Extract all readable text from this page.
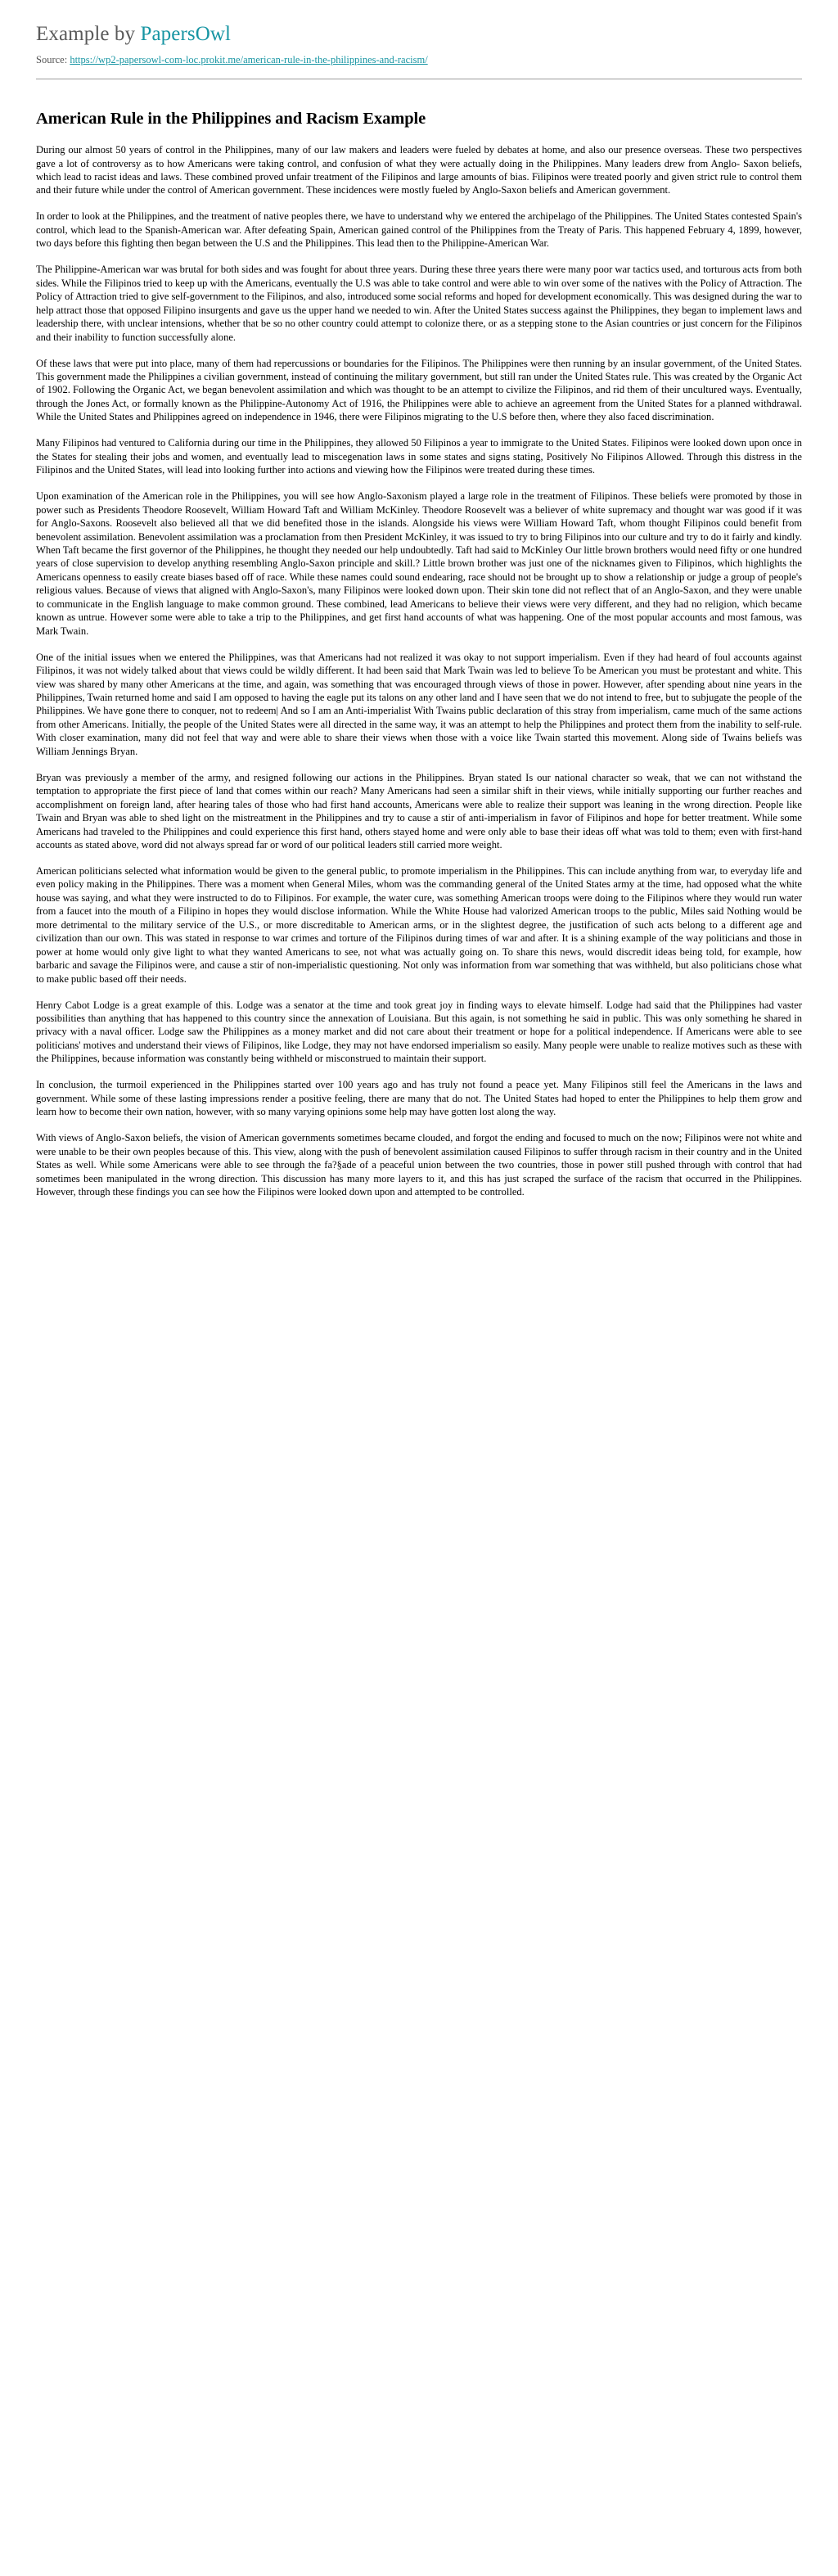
Example by PapersOwl
Source: https://wp2-papersowl-com-loc.prokit.me/american-rule-in-the-philippines-and-racism/
American Rule in the Philippines and Racism Example

During our almost 50 years of control in the Philippines, many of our law makers and leaders were fueled by debates at home, and also our presence overseas. These two perspectives gave a lot of controversy as to how Americans were taking control, and confusion of what they were actually doing in the Philippines. Many leaders drew from Anglo- Saxon beliefs, which lead to racist ideas and laws. These combined proved unfair treatment of the Filipinos and large amounts of bias. Filipinos were treated poorly and given strict rule to control them and their future while under the control of American government. These incidences were mostly fueled by Anglo-Saxon beliefs and American government.

In order to look at the Philippines, and the treatment of native peoples there, we have to understand why we entered the archipelago of the Philippines. The United States contested Spain's control, which lead to the Spanish-American war. After defeating Spain, American gained control of the Philippines from the Treaty of Paris. This happened February 4, 1899, however, two days before this fighting then began between the U.S and the Philippines. This lead then to the Philippine-American War.

The Philippine-American war was brutal for both sides and was fought for about three years. During these three years there were many poor war tactics used, and torturous acts from both sides. While the Filipinos tried to keep up with the Americans, eventually the U.S was able to take control and were able to win over some of the natives with the Policy of Attraction. The Policy of Attraction tried to give self-government to the Filipinos, and also, introduced some social reforms and hoped for development economically. This was designed during the war to help attract those that opposed Filipino insurgents and gave us the upper hand we needed to win. After the United States success against the Philippines, they began to implement laws and leadership there, with unclear intensions, whether that be so no other country could attempt to colonize there, or as a stepping stone to the Asian countries or just concern for the Filipinos and their inability to function successfully alone.

Of these laws that were put into place, many of them had repercussions or boundaries for the Filipinos. The Philippines were then running by an insular government, of the United States. This government made the Philippines a civilian government, instead of continuing the military government, but still ran under the United States rule. This was created by the Organic Act of 1902. Following the Organic Act, we began benevolent assimilation and which was thought to be an attempt to civilize the Filipinos, and rid them of their uncultured ways. Eventually, through the Jones Act, or formally known as the Philippine-Autonomy Act of 1916, the Philippines were able to achieve an agreement from the United States for a planned withdrawal. While the United States and Philippines agreed on independence in 1946, there were Filipinos migrating to the U.S before then, where they also faced discrimination.

Many Filipinos had ventured to California during our time in the Philippines, they allowed 50 Filipinos a year to immigrate to the United States. Filipinos were looked down upon once in the States for stealing their jobs and women, and eventually lead to miscegenation laws in some states and signs stating, Positively No Filipinos Allowed. Through this distress in the Filipinos and the United States, will lead into looking further into actions and viewing how the Filipinos were treated during these times.

Upon examination of the American role in the Philippines, you will see how Anglo-Saxonism played a large role in the treatment of Filipinos. These beliefs were promoted by those in power such as Presidents Theodore Roosevelt, William Howard Taft and William McKinley. Theodore Roosevelt was a believer of white supremacy and thought war was good if it was for Anglo-Saxons. Roosevelt also believed all that we did benefited those in the islands. Alongside his views were William Howard Taft, whom thought Filipinos could benefit from benevolent assimilation. Benevolent assimilation was a proclamation from then President McKinley, it was issued to try to bring Filipinos into our culture and try to do it fairly and kindly. When Taft became the first governor of the Philippines, he thought they needed our help undoubtedly. Taft had said to McKinley Our little brown brothers would need fifty or one hundred years of close supervision to develop anything resembling Anglo-Saxon principle and skill.? Little brown brother was just one of the nicknames given to Filipinos, which highlights the Americans openness to easily create biases based off of race. While these names could sound endearing, race should not be brought up to show a relationship or judge a group of people's religious values. Because of views that aligned with Anglo-Saxon's, many Filipinos were looked down upon. Their skin tone did not reflect that of an Anglo-Saxon, and they were unable to communicate in the English language to make common ground. These combined, lead Americans to believe their views were very different, and they had no religion, which became known as untrue. However some were able to take a trip to the Philippines, and get first hand accounts of what was happening. One of the most popular accounts and most famous, was Mark Twain.

One of the initial issues when we entered the Philippines, was that Americans had not realized it was okay to not support imperialism. Even if they had heard of foul accounts against Filipinos, it was not widely talked about that views could be wildly different. It had been said that Mark Twain was led to believe To be American you must be protestant and white. This view was shared by many other Americans at the time, and again, was something that was encouraged through views of those in power. However, after spending about nine years in the Philippines, Twain returned home and said I am opposed to having the eagle put its talons on any other land and I have seen that we do not intend to free, but to subjugate the people of the Philippines. We have gone there to conquer, not to redeem| And so I am an Anti-imperialist With Twains public declaration of this stray from imperialism, came much of the same actions from other Americans. Initially, the people of the United States were all directed in the same way, it was an attempt to help the Philippines and protect them from the inability to self-rule. With closer examination, many did not feel that way and were able to share their views when those with a voice like Twain started this movement. Along side of Twains beliefs was William Jennings Bryan.

Bryan was previously a member of the army, and resigned following our actions in the Philippines. Bryan stated Is our national character so weak, that we can not withstand the temptation to appropriate the first piece of land that comes within our reach? Many Americans had seen a similar shift in their views, while initially supporting our further reaches and accomplishment on foreign land, after hearing tales of those who had first hand accounts, Americans were able to realize their support was leaning in the wrong direction. People like Twain and Bryan was able to shed light on the mistreatment in the Philippines and try to cause a stir of anti-imperialism in favor of Filipinos and hope for better treatment. While some Americans had traveled to the Philippines and could experience this first hand, others stayed home and were only able to base their ideas off what was told to them; even with first-hand accounts as stated above, word did not always spread far or word of our political leaders still carried more weight.

American politicians selected what information would be given to the general public, to promote imperialism in the Philippines. This can include anything from war, to everyday life and even policy making in the Philippines. There was a moment when General Miles, whom was the commanding general of the United States army at the time, had opposed what the white house was saying, and what they were instructed to do to Filipinos. For example, the water cure, was something American troops were doing to the Filipinos where they would run water from a faucet into the mouth of a Filipino in hopes they would disclose information. While the White House had valorized American troops to the public, Miles said Nothing would be more detrimental to the military service of the U.S., or more discreditable to American arms, or in the slightest degree, the justification of such acts belong to a different age and civilization than our own. This was stated in response to war crimes and torture of the Filipinos during times of war and after. It is a shining example of the way politicians and those in power at home would only give light to what they wanted Americans to see, not what was actually going on. To share this news, would discredit ideas being told, for example, how barbaric and savage the Filipinos were, and cause a stir of non-imperialistic questioning. Not only was information from war something that was withheld, but also politicians chose what to make public based off their needs.

Henry Cabot Lodge is a great example of this. Lodge was a senator at the time and took great joy in finding ways to elevate himself. Lodge had said that the Philippines had vaster possibilities than anything that has happened to this country since the annexation of Louisiana. But this again, is not something he said in public. This was only something he shared in privacy with a naval officer. Lodge saw the Philippines as a money market and did not care about their treatment or hope for a political independence. If Americans were able to see politicians' motives and understand their views of Filipinos, like Lodge, they may not have endorsed imperialism so easily. Many people were unable to realize motives such as these with the Philippines, because information was constantly being withheld or misconstrued to maintain their support.

In conclusion, the turmoil experienced in the Philippines started over 100 years ago and has truly not found a peace yet. Many Filipinos still feel the Americans in the laws and government. While some of these lasting impressions render a positive feeling, there are many that do not. The United States had hoped to enter the Philippines to help them grow and learn how to become their own nation, however, with so many varying opinions some help may have gotten lost along the way.

With views of Anglo-Saxon beliefs, the vision of American governments sometimes became clouded, and forgot the ending and focused to much on the now; Filipinos were not white and were unable to be their own peoples because of this. This view, along with the push of benevolent assimilation caused Filipinos to suffer through racism in their country and in the United States as well. While some Americans were able to see through the fa?§ade of a peaceful union between the two countries, those in power still pushed through with control that had sometimes been manipulated in the wrong direction. This discussion has many more layers to it, and this has just scraped the surface of the racism that occurred in the Philippines. However, through these findings you can see how the Filipinos were looked down upon and attempted to be controlled.
